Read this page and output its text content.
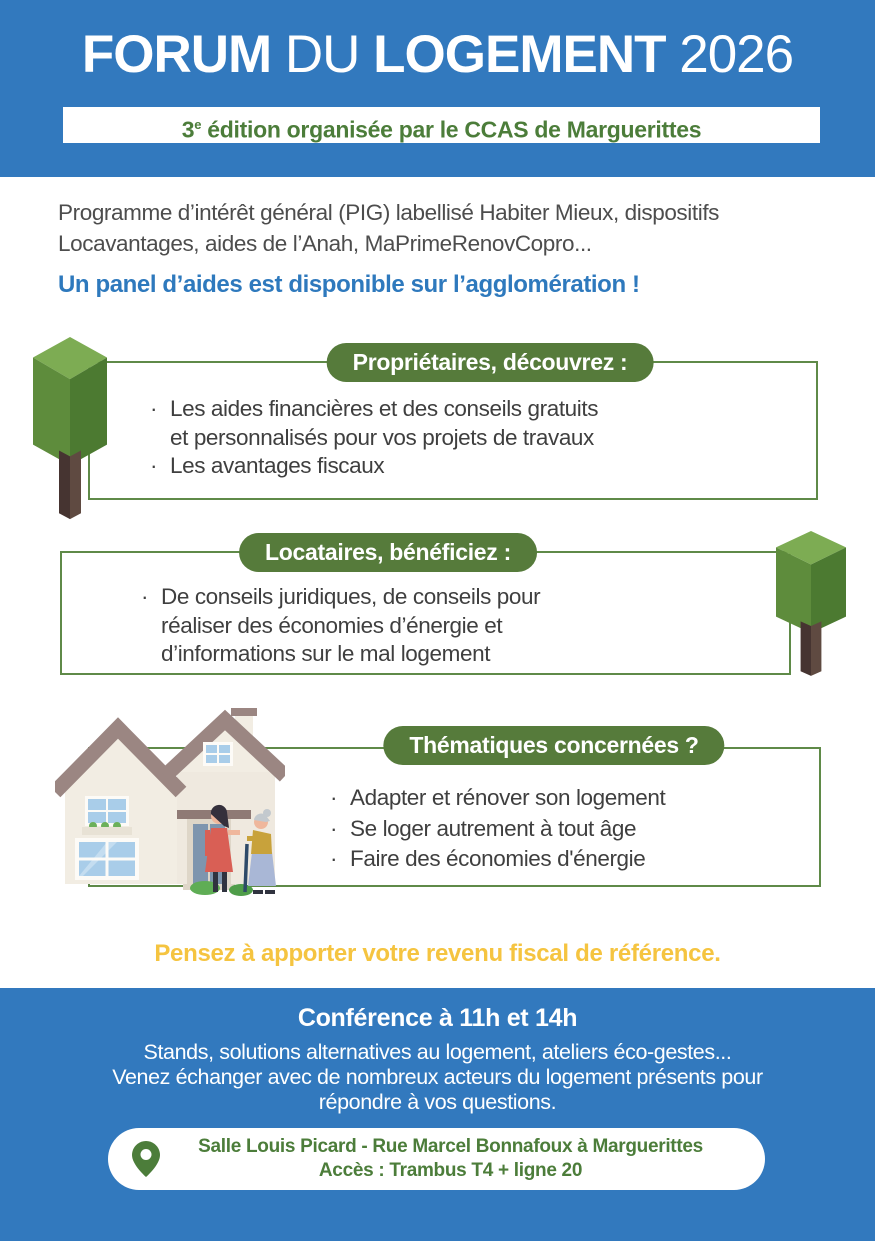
FORUM DU LOGEMENT 2026
3e édition organisée par le CCAS de Marguerittes
Programme d’intérêt général (PIG) labellisé Habiter Mieux, dispositifs
Locavantages, aides de l’Anah, MaPrimeRenovCopro...
Un panel d’aides est disponible sur l’agglomération !
Propriétaires, découvrez :
· Les aides financières et des conseils gratuits
et personnalisés pour vos projets de travaux
· Les avantages fiscaux
Locataires, bénéficiez :
· De conseils juridiques, de conseils pour
réaliser des économies d’énergie et
d’informations sur le mal logement
Thématiques concernées ?
· Adapter et rénover son logement
· Se loger autrement à tout âge
· Faire des économies d'énergie
Pensez à apporter votre revenu fiscal de référence.
Conférence à 11h et 14h
Stands, solutions alternatives au logement, ateliers éco-gestes...
Venez échanger avec de nombreux acteurs du logement présents pour
répondre à vos questions.
Salle Louis Picard - Rue Marcel Bonnafoux à Marguerittes
Accès : Trambus T4 + ligne 20
